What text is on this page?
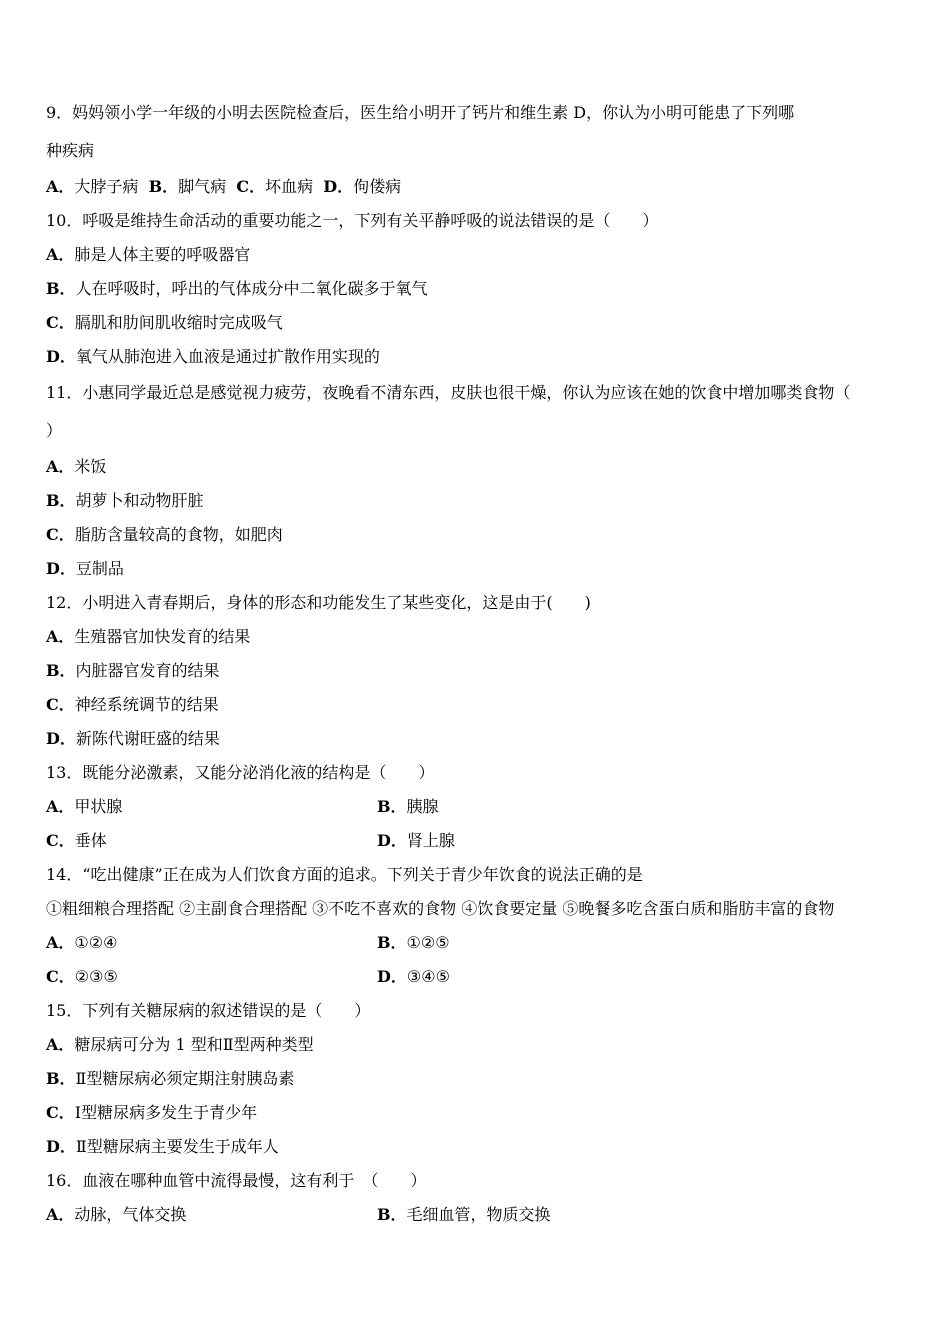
9．妈妈领小学一年级的小明去医院检查后，医生给小明开了钙片和维生素 D，你认为小明可能患了下列哪
种疾病
A．大脖子病 B．脚气病 C．坏血病 D．佝偻病
10．呼吸是维持生命活动的重要功能之一，下列有关平静呼吸的说法错误的是（　　）
A．肺是人体主要的呼吸器官
B．人在呼吸时，呼出的气体成分中二氧化碳多于氧气
C．膈肌和肋间肌收缩时完成吸气
D．氧气从肺泡进入血液是通过扩散作用实现的
11．小惠同学最近总是感觉视力疲劳，夜晚看不清东西，皮肤也很干燥，你认为应该在她的饮食中增加哪类食物（
）
A．米饭
B．胡萝卜和动物肝脏
C．脂肪含量较高的食物，如肥肉
D．豆制品
12．小明进入青春期后，身体的形态和功能发生了某些变化，这是由于(　　)
A．生殖器官加快发育的结果
B．内脏器官发育的结果
C．神经系统调节的结果
D．新陈代谢旺盛的结果
13．既能分泌激素，又能分泌消化液的结构是（　　）
A．甲状腺	B．胰腺
C．垂体	D．肾上腺
14．“吃出健康”正在成为人们饮食方面的追求。下列关于青少年饮食的说法正确的是
①粗细粮合理搭配 ②主副食合理搭配 ③不吃不喜欢的食物 ④饮食要定量 ⑤晚餐多吃含蛋白质和脂肪丰富的食物
A．①②④	B．①②⑤
C．②③⑤	D．③④⑤
15．下列有关糖尿病的叙述错误的是（　　）
A．糖尿病可分为 1 型和Ⅱ型两种类型
B．Ⅱ型糖尿病必须定期注射胰岛素
C．Ⅰ型糖尿病多发生于青少年
D．Ⅱ型糖尿病主要发生于成年人
16．血液在哪种血管中流得最慢，这有利于　（　　）
A．动脉，气体交换	B．毛细血管，物质交换
